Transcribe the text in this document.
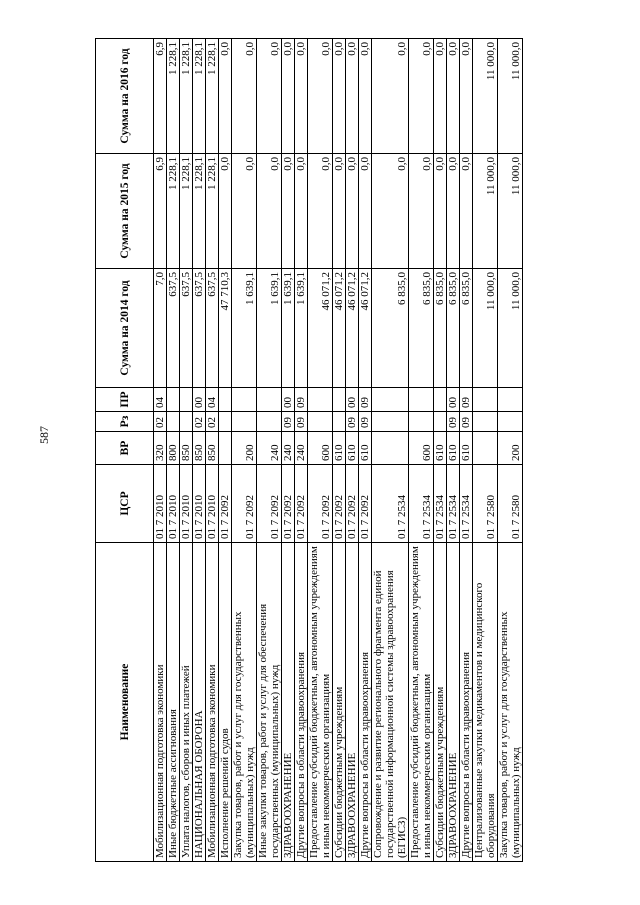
587
Наименование	ЦСР	ВР	Рз	ПР	Сумма на 2014 год	Сумма на 2015 год	Сумма на 2016 год
Мобилизационная подготовка экономики	01 7 2010	320	02	04	7,0	6,9	6,9
Иные бюджетные ассигнования	01 7 2010	800			637,5	1 228,1	1 228,1
Уплата налогов, сборов и иных платежей	01 7 2010	850			637,5	1 228,1	1 228,1
НАЦИОНАЛЬНАЯ ОБОРОНА	01 7 2010	850	02	00	637,5	1 228,1	1 228,1
Мобилизационная подготовка экономики	01 7 2010	850	02	04	637,5	1 228,1	1 228,1
Исполнение решений судов	01 7 2092				47 710,3	0,0	0,0
Закупка товаров, работ и услуг для государственных (муниципальных) нужд	01 7 2092	200			1 639,1	0,0	0,0
Иные закупки товаров, работ и услуг для обеспечения государственных (муниципальных) нужд	01 7 2092	240			1 639,1	0,0	0,0
ЗДРАВООХРАНЕНИЕ	01 7 2092	240	09	00	1 639,1	0,0	0,0
Другие вопросы в области здравоохранения	01 7 2092	240	09	09	1 639,1	0,0	0,0
Предоставление субсидий бюджетным, автономным учреждениям и иным некоммерческим организациям	01 7 2092	600			46 071,2	0,0	0,0
Субсидии бюджетным учреждениям	01 7 2092	610			46 071,2	0,0	0,0
ЗДРАВООХРАНЕНИЕ	01 7 2092	610	09	00	46 071,2	0,0	0,0
Другие вопросы в области здравоохранения	01 7 2092	610	09	09	46 071,2	0,0	0,0
Сопровождение и развитие регионального фрагмента единой государственной информационной системы здравоохранения (ЕГИСЗ)	01 7 2534				6 835,0	0,0	0,0
Предоставление субсидий бюджетным, автономным учреждениям и иным некоммерческим организациям	01 7 2534	600			6 835,0	0,0	0,0
Субсидии бюджетным учреждениям	01 7 2534	610			6 835,0	0,0	0,0
ЗДРАВООХРАНЕНИЕ	01 7 2534	610	09	00	6 835,0	0,0	0,0
Другие вопросы в области здравоохранения	01 7 2534	610	09	09	6 835,0	0,0	0,0
Централизованные закупки медикаментов и медицинского оборудования	01 7 2580				11 000,0	11 000,0	11 000,0
Закупка товаров, работ и услуг для государственных (муниципальных) нужд	01 7 2580	200			11 000,0	11 000,0	11 000,0
